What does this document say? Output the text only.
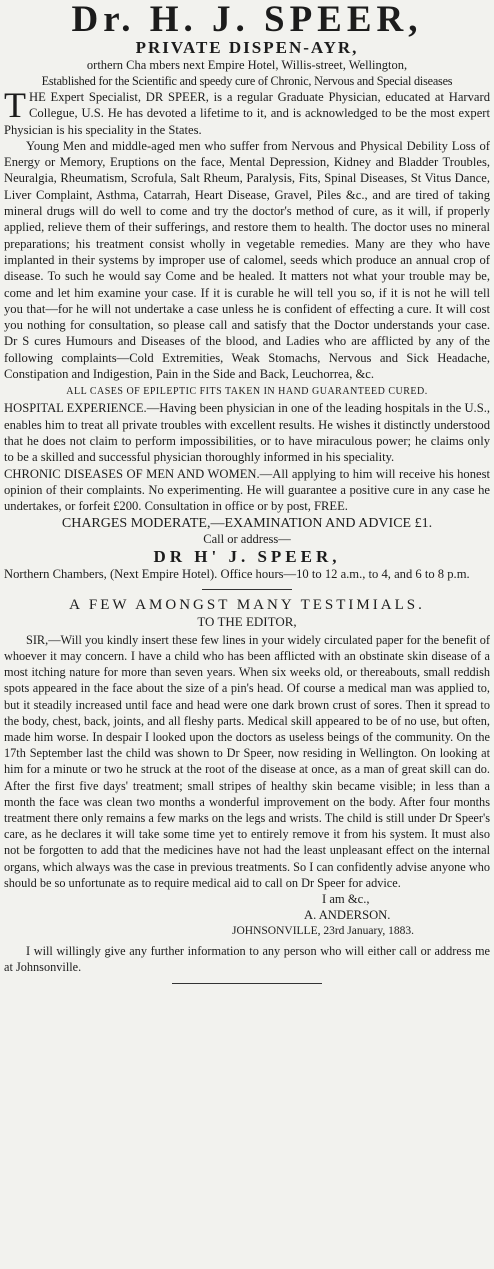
Dr. H. J. SPEER,
PRIVATE DISPEN-AYR,
orthern Cha mbers next Empire Hotel, Willis-street, Wellington,
Established for the Scientific and speedy cure of Chronic, Nervous and Special diseases
T HE Expert Specialist, DR SPEER, is a regular Graduate Physician, educated at Harvard Collegue, U.S. He has devoted a lifetime to it, and is acknowledged to be the most expert Physician is his speciality in the States.

Young Men and middle-aged men who suffer from Nervous and Physical Debility Loss of Energy or Memory, Eruptions on the face, Mental Depression, Kidney and Bladder Troubles, Neuralgia, Rheumatism, Scrofula, Salt Rheum, Paralysis, Fits, Spinal Diseases, St Vitus Dance, Liver Complaint, Asthma, Catarrah, Heart Disease, Gravel, Piles &c., and are tired of taking mineral drugs will do well to come and try the doctor's method of cure, as it will, if properly applied, relieve them of their sufferings, and restore them to health. The doctor uses no mineral preparations; his treatment consist wholly in vegetable remedies. Many are they who have implanted in their systems by improper use of calomel, seeds which produce an annual crop of disease. To such he would say Come and be healed. It matters not what your trouble may be, come and let him examine your case. If it is curable he will tell you so, if it is not he will tell you that—for he will not undertake a case unless he is confident of effecting a cure. It will cost you nothing for consultation, so please call and satisfy that the Doctor understands your case. Dr S cures Humours and Diseases of the blood, and Ladies who are afflicted by any of the following complaints—Cold Extremities, Weak Stomachs, Nervous and Sick Headache, Constipation and Indigestion, Pain in the Side and Back, Leuchorrea, &c.

ALL CASES OF EPILEPTIC FITS TAKEN IN HAND GUARANTEED CURED.

HOSPITAL EXPERIENCE.—Having been physician in one of the leading hospitals in the U.S., enables him to treat all private troubles with excellent results. He wishes it distinctly understood that he does not claim to perform impossibilities, or to have miraculous power; he claims only to be a skilled and successful physician thoroughly informed in his speciality.

CHRONIC DISEASES OF MEN AND WOMEN.—All applying to him will receive his honest opinion of their complaints. No experimenting. He will guarantee a positive cure in any case he undertakes, or forfeit £200. Consultation in office or by post, FREE.

CHARGES MODERATE,—EXAMINATION AND ADVICE £1.

Call or address—

DR H' J. SPEER,

Northern Chambers, (Next Empire Hotel). Office hours—10 to 12 a.m., to 4, and 6 to 8 p.m.

A FEW AMONGST MANY TESTIMIALS.

TO THE EDITOR,

SIR,—Will you kindly insert these few lines in your widely circulated paper for the benefit of whoever it may concern. I have a child who has been afflicted with an obstinate skin disease of a most itching nature for more than seven years. When six weeks old, or thereabouts, small reddish spots appeared in the face about the size of a pin's head. Of course a medical man was applied to, but it steadily increased until face and head were one dark brown crust of sores. Then it spread to the body, chest, back, joints, and all fleshy parts. Medical skill appeared to be of no use, but often, made him worse. In despair I looked upon the doctors as useless beings of the community. On the 17th September last the child was shown to Dr Speer, now residing in Wellington. On looking at him for a minute or two he struck at the root of the disease at once, as a man of great skill can do. After the first five days' treatment; small stripes of healthy skin became visible; in less than a month the face was clean two months a wonderful improvement on the body. After four months treatment there only remains a few marks on the legs and wrists. The child is still under Dr Speer's care, as he declares it will take some time yet to entirely remove it from his system. It must also not be forgotten to add that the medicines have not had the least unpleasant effect on the internal organs, which always was the case in previous treatments. So I can confidently advise anyone who should be so unfortunate as to require medical aid to call on Dr Speer for advice.

I am &c.,

A. ANDERSON.

JOHNSONVILLE, 23rd January, 1883.

I will willingly give any further information to any person who will either call or address me at Johnsonville.
